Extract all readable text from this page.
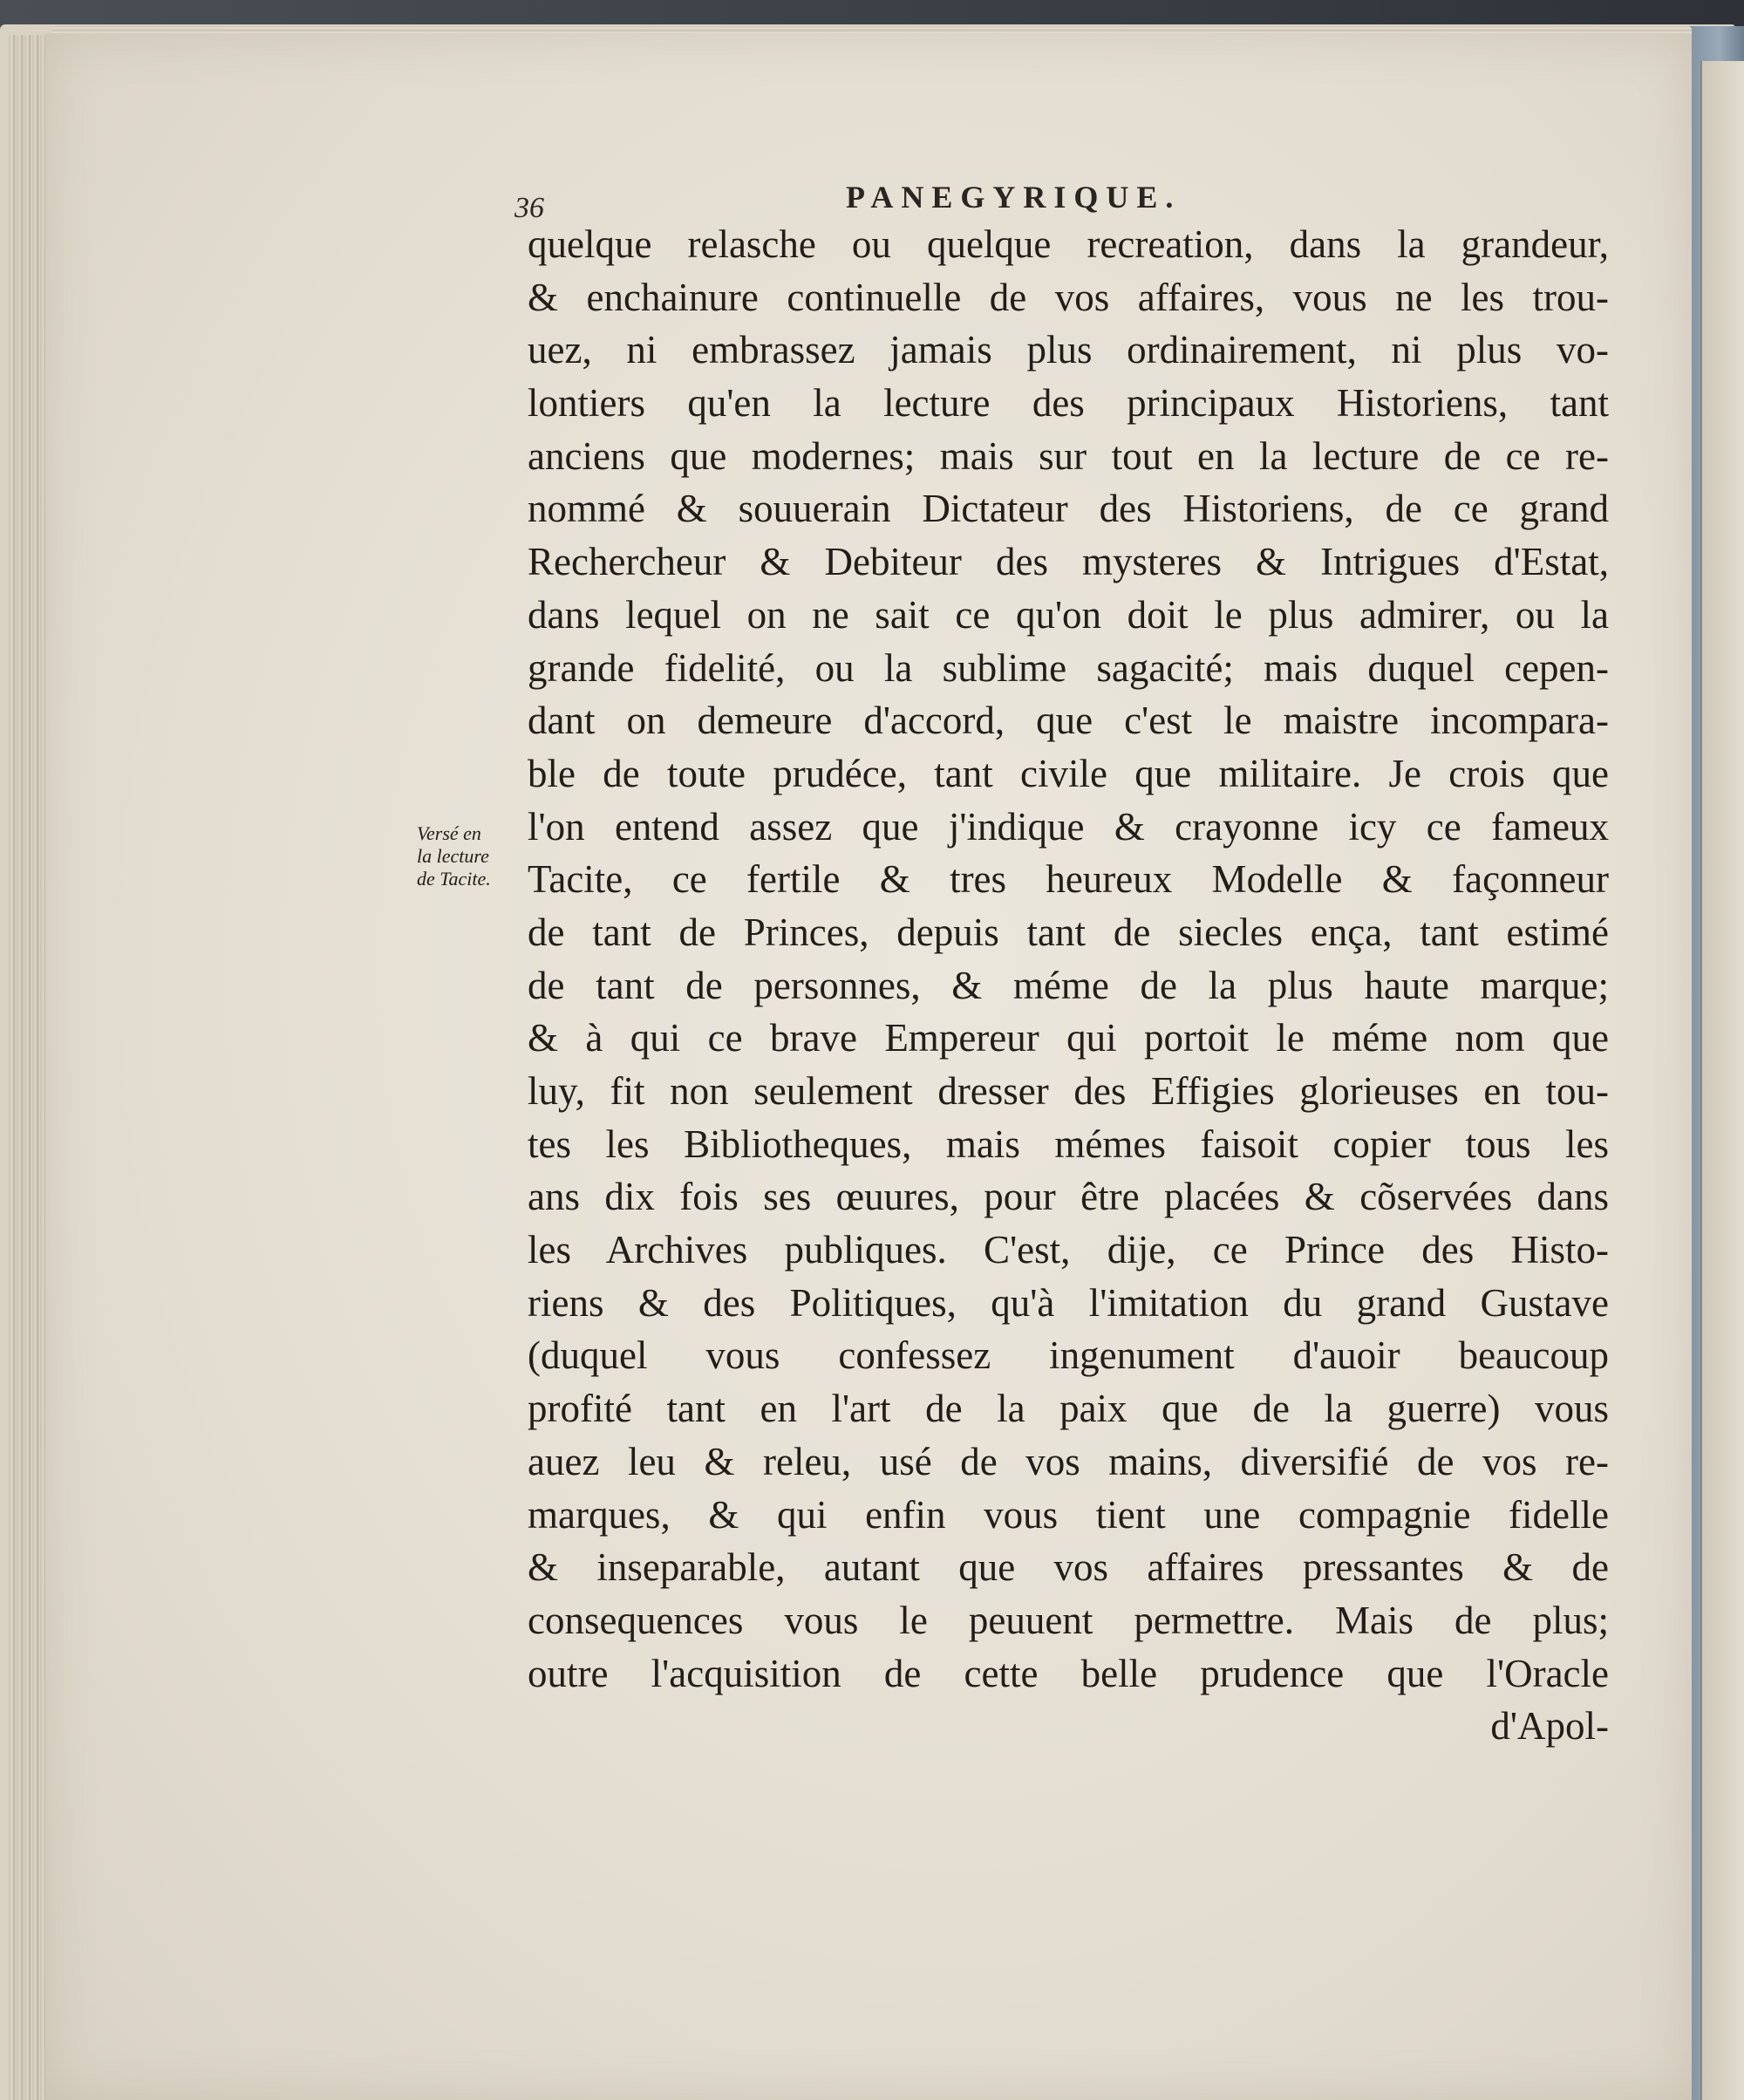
36	PANEGYRIQUE.
Versé en
la lecture
de Tacite.
quelque relasche ou quelque recreation, dans la grandeur,
& enchainure continuelle de vos affaires, vous ne les trou-
uez, ni embrassez jamais plus ordinairement, ni plus vo-
lontiers qu'en la lecture des principaux Historiens, tant
anciens que modernes; mais sur tout en la lecture de ce re-
nommé & souuerain Dictateur des Historiens, de ce grand
Rechercheur & Debiteur des mysteres & Intrigues d'Estat,
dans lequel on ne sait ce qu'on doit le plus admirer, ou la
grande fidelité, ou la sublime sagacité; mais duquel cepen-
dant on demeure d'accord, que c'est le maistre incompara-
ble de toute prudéce, tant civile que militaire. Je crois que
l'on entend assez que j'indique & crayonne icy ce fameux
Tacite, ce fertile & tres heureux Modelle & façonneur
de tant de Princes, depuis tant de siecles ença, tant estimé
de tant de personnes, & méme de la plus haute marque;
& à qui ce brave Empereur qui portoit le méme nom que
luy, fit non seulement dresser des Effigies glorieuses en tou-
tes les Bibliotheques, mais mémes faisoit copier tous les
ans dix fois ses œuures, pour être placées & cõservées dans
les Archives publiques. C'est, dije, ce Prince des Histo-
riens & des Politiques, qu'à l'imitation du grand Gustave
(duquel vous confessez ingenument d'auoir beaucoup
profité tant en l'art de la paix que de la guerre) vous
auez leu & releu, usé de vos mains, diversifié de vos re-
marques, & qui enfin vous tient une compagnie fidelle
& inseparable, autant que vos affaires pressantes & de
consequences vous le peuuent permettre. Mais de plus;
outre l'acquisition de cette belle prudence que l'Oracle
d'Apol-
